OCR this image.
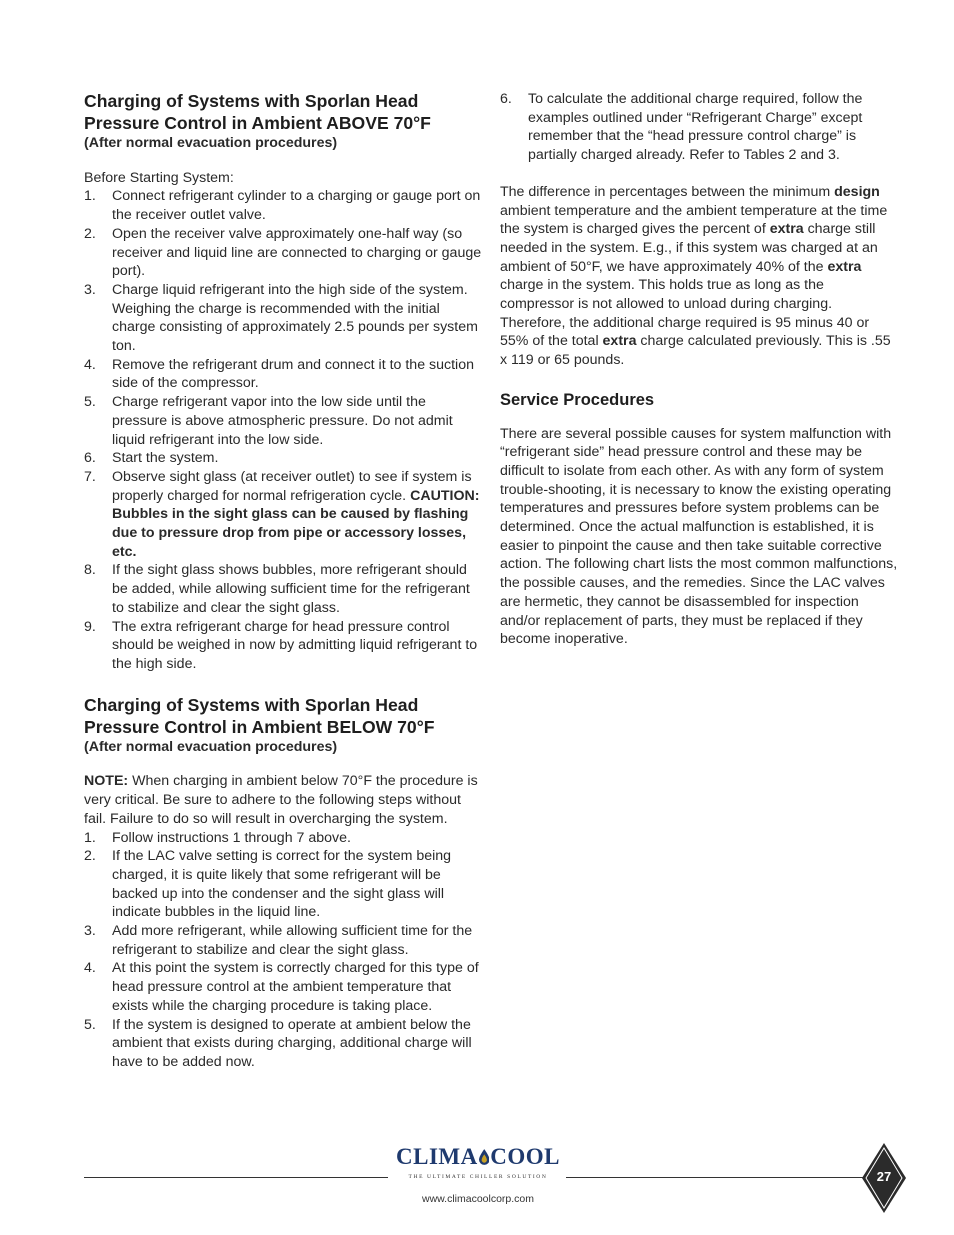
Charging of Systems with Sporlan Head Pressure Control in Ambient ABOVE 70°F

(After normal evacuation procedures)

Before Starting System:

1. Connect refrigerant cylinder to a charging or gauge port on the receiver outlet valve.
2. Open the receiver valve approximately one-half way (so receiver and liquid line are connected to charging or gauge port).
3. Charge liquid refrigerant into the high side of the system. Weighing the charge is recommended with the initial charge consisting of approximately 2.5 pounds per system ton.
4. Remove the refrigerant drum and connect it to the suction side of the compressor.
5. Charge refrigerant vapor into the low side until the pressure is above atmospheric pressure. Do not admit liquid refrigerant into the low side.
6. Start the system.
7. Observe sight glass (at receiver outlet) to see if system is properly charged for normal refrigeration cycle. CAUTION: Bubbles in the sight glass can be caused by flashing due to pressure drop from pipe or accessory losses, etc.
8. If the sight glass shows bubbles, more refrigerant should be added, while allowing sufficient time for the refrigerant to stabilize and clear the sight glass.
9. The extra refrigerant charge for head pressure control should be weighed in now by admitting liquid refrigerant to the high side.
Charging of Systems with Sporlan Head Pressure Control in Ambient BELOW 70°F

(After normal evacuation procedures)

NOTE: When charging in ambient below 70°F the procedure is very critical. Be sure to adhere to the following steps without fail. Failure to do so will result in overcharging the system.

1. Follow instructions 1 through 7 above.
2. If the LAC valve setting is correct for the system being charged, it is quite likely that some refrigerant will be backed up into the condenser and the sight glass will indicate bubbles in the liquid line.
3. Add more refrigerant, while allowing sufficient time for the refrigerant to stabilize and clear the sight glass.
4. At this point the system is correctly charged for this type of head pressure control at the ambient temperature that exists while the charging procedure is taking place.
5. If the system is designed to operate at ambient below the ambient that exists during charging, additional charge will have to be added now.
6. To calculate the additional charge required, follow the examples outlined under “Refrigerant Charge” except remember that the “head pressure control charge” is partially charged already. Refer to Tables 2 and 3.

The difference in percentages between the minimum design ambient temperature and the ambient temperature at the time the system is charged gives the percent of extra charge still needed in the system. E.g., if this system was charged at an ambient of 50°F, we have approximately 40% of the extra charge in the system. This holds true as long as the compressor is not allowed to unload during charging. Therefore, the additional charge required is 95 minus 40 or 55% of the total extra charge calculated previously. This is .55 x 119 or 65 pounds.

Service Procedures

There are several possible causes for system malfunction with “refrigerant side” head pressure control and these may be difficult to isolate from each other. As with any form of system trouble-shooting, it is necessary to know the existing operating temperatures and pressures before system problems can be determined. Once the actual malfunction is established, it is easier to pinpoint the cause and then take suitable corrective action. The following chart lists the most common malfunctions, the possible causes, and the remedies. Since the LAC valves are hermetic, they cannot be disassembled for inspection and/or replacement of parts, they must be replaced if they become inoperative.

CLIMA COOL
THE ULTIMATE CHILLER SOLUTION
www.climacoolcorp.com
27
